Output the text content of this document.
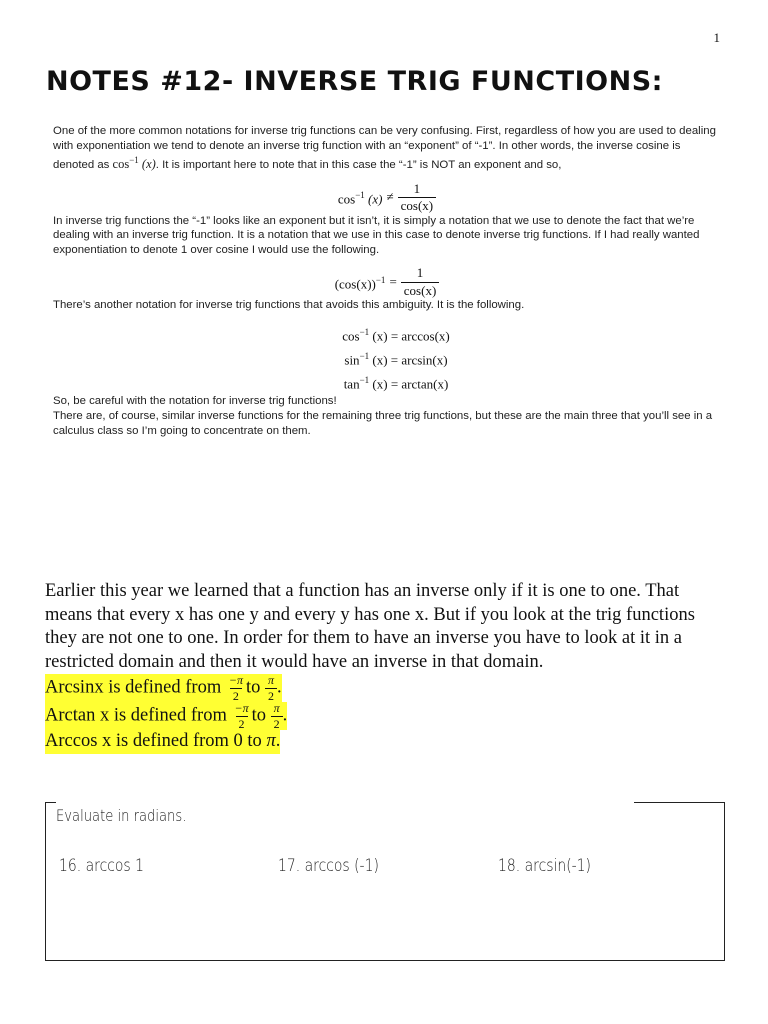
1
NOTES #12- INVERSE TRIG FUNCTIONS:

One of the more common notations for inverse trig functions can be very confusing. First, regardless of how you are used to dealing with exponentiation we tend to denote an inverse trig function with an “exponent” of “-1”. In other words, the inverse cosine is denoted as $\cos^{-1} (x)$. It is important here to note that in this case the “-1” is NOT an exponent and so,

$\cos^{-1} (x) \ne \frac{1}{\cos(x)}$

In inverse trig functions the “-1” looks like an exponent but it isn’t, it is simply a notation that we use to denote the fact that we’re dealing with an inverse trig function. It is a notation that we use in this case to denote inverse trig functions. If I had really wanted exponentiation to denote 1 over cosine I would use the following.

$(\cos(x))^{-1} = \frac{1}{\cos(x)}$

There’s another notation for inverse trig functions that avoids this ambiguity. It is the following.

$\cos^{-1} (x) = \arccos(x)$
$\sin^{-1} (x) = \arcsin(x)$
$\tan^{-1} (x) = \arctan(x)$

So, be careful with the notation for inverse trig functions!

There are, of course, similar inverse functions for the remaining three trig functions, but these are the main three that you’ll see in a calculus class so I’m going to concentrate on them.

Earlier this year we learned that a function has an inverse only if it is one to one. That means that every x has one y and every y has one x. But if you look at the trig functions they are not one to one. In order for them to have an inverse you have to look at it in a restricted domain and then it would have an inverse in that domain.

Arcsinx is defined from $\frac{-\pi}{2}$ to $\frac{\pi}{2}$ .
Arctan x is defined from $\frac{-\pi}{2}$ to $\frac{\pi}{2}$ .
Arccos x is defined from 0 to π.
Evaluate in radians.
16. arccos 1	17. arccos (-1)	18. arcsin(-1)
